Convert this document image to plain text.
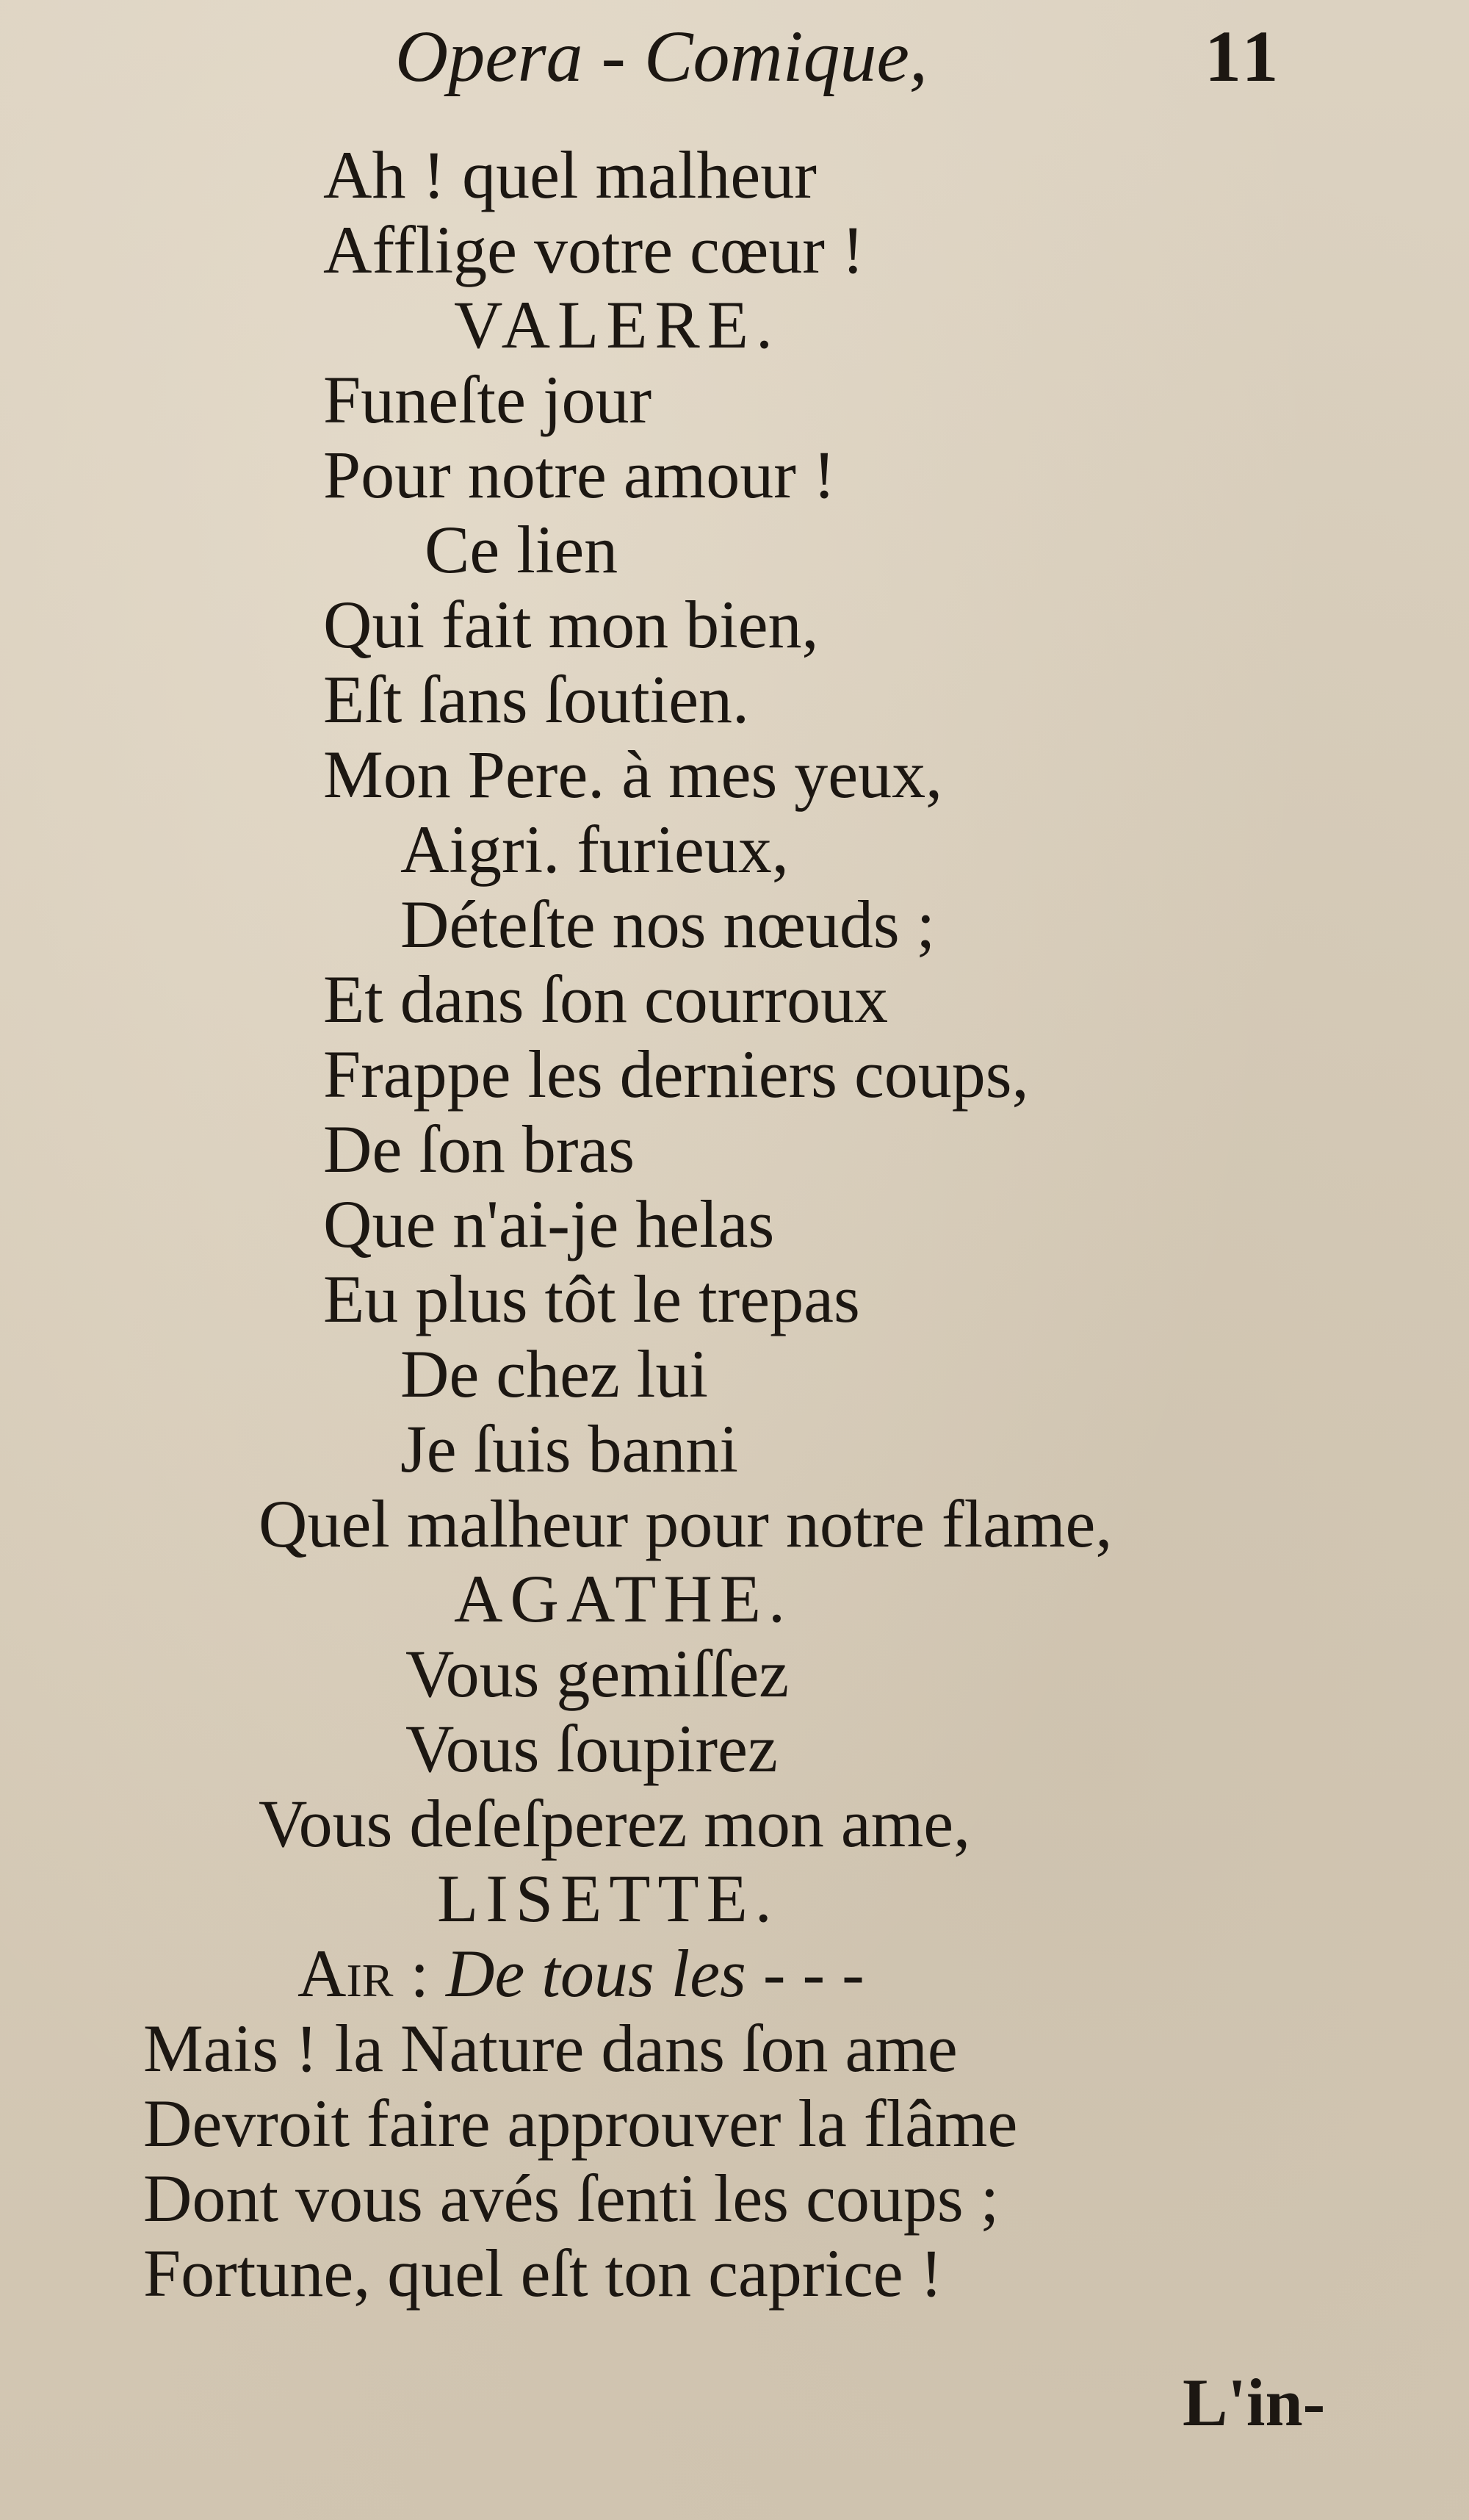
Opera - Comique,	11
Ah ! quel malheur
Afflige votre cœur !
VALERE.
Funeſte jour
Pour notre amour !
Ce lien
Qui fait mon bien,
Eſt ſans ſoutien.
Mon Pere. à mes yeux,
Aigri. furieux,
Déteſte nos nœuds ;
Et dans ſon courroux
Frappe les derniers coups,
De ſon bras
Que n'ai-je helas
Eu plus tôt le trepas
De chez lui
Je ſuis banni
Quel malheur pour notre flame,
AGATHE.
Vous gemiſſez
Vous ſoupirez
Vous deſeſperez mon ame,
LISETTE.
Air : De tous les - - -
Mais ! la Nature dans ſon ame
Devroit faire approuver la flâme
Dont vous avés ſenti les coups ;
Fortune, quel eſt ton caprice !
L'in-
